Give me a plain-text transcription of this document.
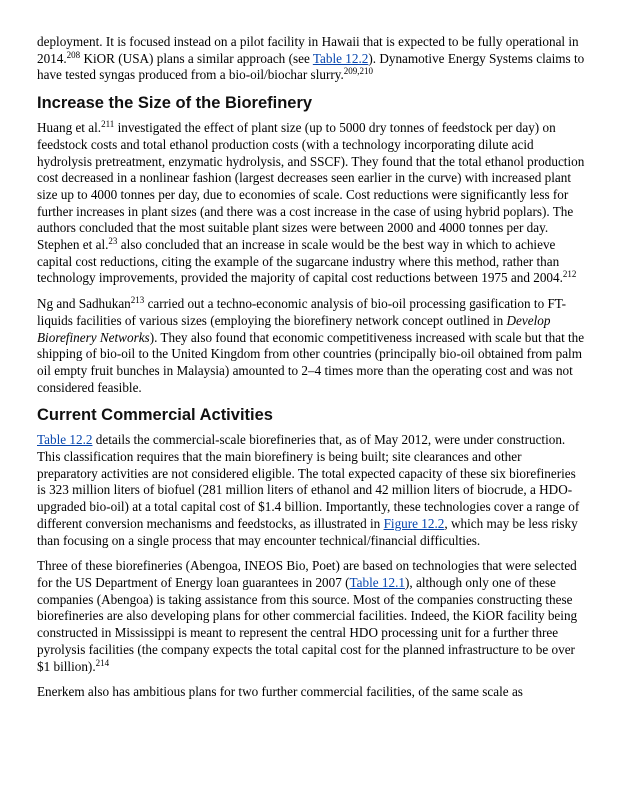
deployment. It is focused instead on a pilot facility in Hawaii that is expected to be fully operational in 2014.$^{208}$ KiOR (USA) plans a similar approach (see Table 12.2). Dynamotive Energy Systems claims to have tested syngas produced from a bio-oil/biochar slurry.$^{209,210}$

Increase the Size of the Biorefinery

Huang et al.$^{211}$ investigated the effect of plant size (up to 5000 dry tonnes of feedstock per day) on feedstock costs and total ethanol production costs (with a technology incorporating dilute acid hydrolysis pretreatment, enzymatic hydrolysis, and SSCF). They found that the total ethanol production cost decreased in a nonlinear fashion (largest decreases seen earlier in the curve) with increased plant size up to 4000 tonnes per day, due to economies of scale. Cost reductions were significantly less for further increases in plant sizes (and there was a cost increase in the case of using hybrid poplars). The authors concluded that the most suitable plant sizes were between 2000 and 4000 tonnes per day. Stephen et al.$^{23}$ also concluded that an increase in scale would be the best way in which to achieve capital cost reductions, citing the example of the sugarcane industry where this method, rather than technology improvements, provided the majority of capital cost reductions between 1975 and 2004.$^{212}$

Ng and Sadhukan$^{213}$ carried out a techno-economic analysis of bio-oil processing gasification to FT-liquids facilities of various sizes (employing the biorefinery network concept outlined in Develop Biorefinery Networks). They also found that economic competitiveness increased with scale but that the shipping of bio-oil to the United Kingdom from other countries (principally bio-oil obtained from palm oil empty fruit bunches in Malaysia) amounted to 2–4 times more than the operating cost and was not considered feasible.

Current Commercial Activities

Table 12.2 details the commercial-scale biorefineries that, as of May 2012, were under construction. This classification requires that the main biorefinery is being built; site clearances and other preparatory activities are not considered eligible. The total expected capacity of these six biorefineries is 323 million liters of biofuel (281 million liters of ethanol and 42 million liters of biocrude, a HDO-upgraded bio-oil) at a total capital cost of $1.4 billion. Importantly, these technologies cover a range of different conversion mechanisms and feedstocks, as illustrated in Figure 12.2, which may be less risky than focusing on a single process that may encounter technical/financial difficulties.

Three of these biorefineries (Abengoa, INEOS Bio, Poet) are based on technologies that were selected for the US Department of Energy loan guarantees in 2007 (Table 12.1), although only one of these companies (Abengoa) is taking assistance from this source. Most of the companies constructing these biorefineries are also developing plans for other commercial facilities. Indeed, the KiOR facility being constructed in Mississippi is meant to represent the central HDO processing unit for a further three pyrolysis facilities (the company expects the total capital cost for the planned infrastructure to be over $1 billion).$^{214}$

Enerkem also has ambitious plans for two further commercial facilities, of the same scale as
